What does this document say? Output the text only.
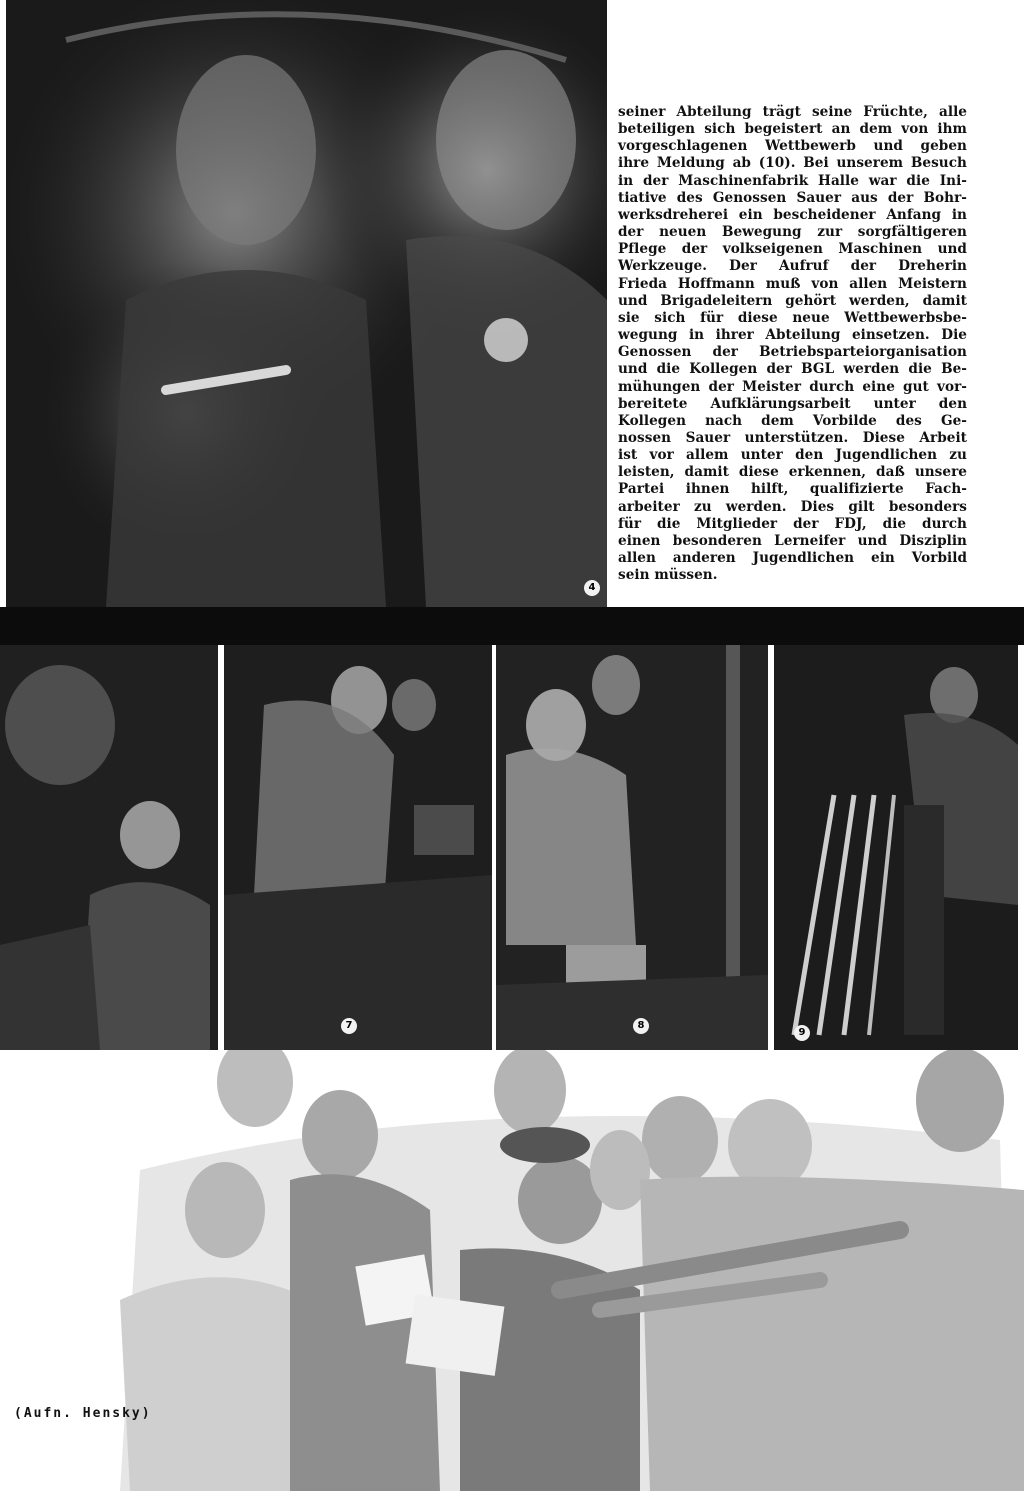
4

seiner Abteilung trägt seine Früchte, alle
beteiligen sich begeistert an dem von ihm
vorgeschlagenen Wettbewerb und geben
ihre Meldung ab (10). Bei unserem Besuch
in der Maschinenfabrik Halle war die Ini-
tiative des Genossen Sauer aus der Bohr-
werksdreherei ein bescheidener Anfang in
der neuen Bewegung zur sorgfältigeren
Pflege der volkseigenen Maschinen und
Werkzeuge. Der Aufruf der Dreherin
Frieda Hoffmann muß von allen Meistern
und Brigadeleitern gehört werden, damit
sie sich für diese neue Wettbewerbsbe-
wegung in ihrer Abteilung einsetzen. Die
Genossen der Betriebsparteiorganisation
und die Kollegen der BGL werden die Be-
mühungen der Meister durch eine gut vor-
bereitete Aufklärungsarbeit unter den
Kollegen nach dem Vorbilde des Ge-
nossen Sauer unterstützen. Diese Arbeit
ist vor allem unter den Jugendlichen zu
leisten, damit diese erkennen, daß unsere
Partei ihnen hilft, qualifizierte Fach-
arbeiter zu werden. Dies gilt besonders
für die Mitglieder der FDJ, die durch
einen besonderen Lerneifer und Disziplin
allen anderen Jugendlichen ein Vorbild
sein müssen.

7	8
9
(Aufn. Hensky)
